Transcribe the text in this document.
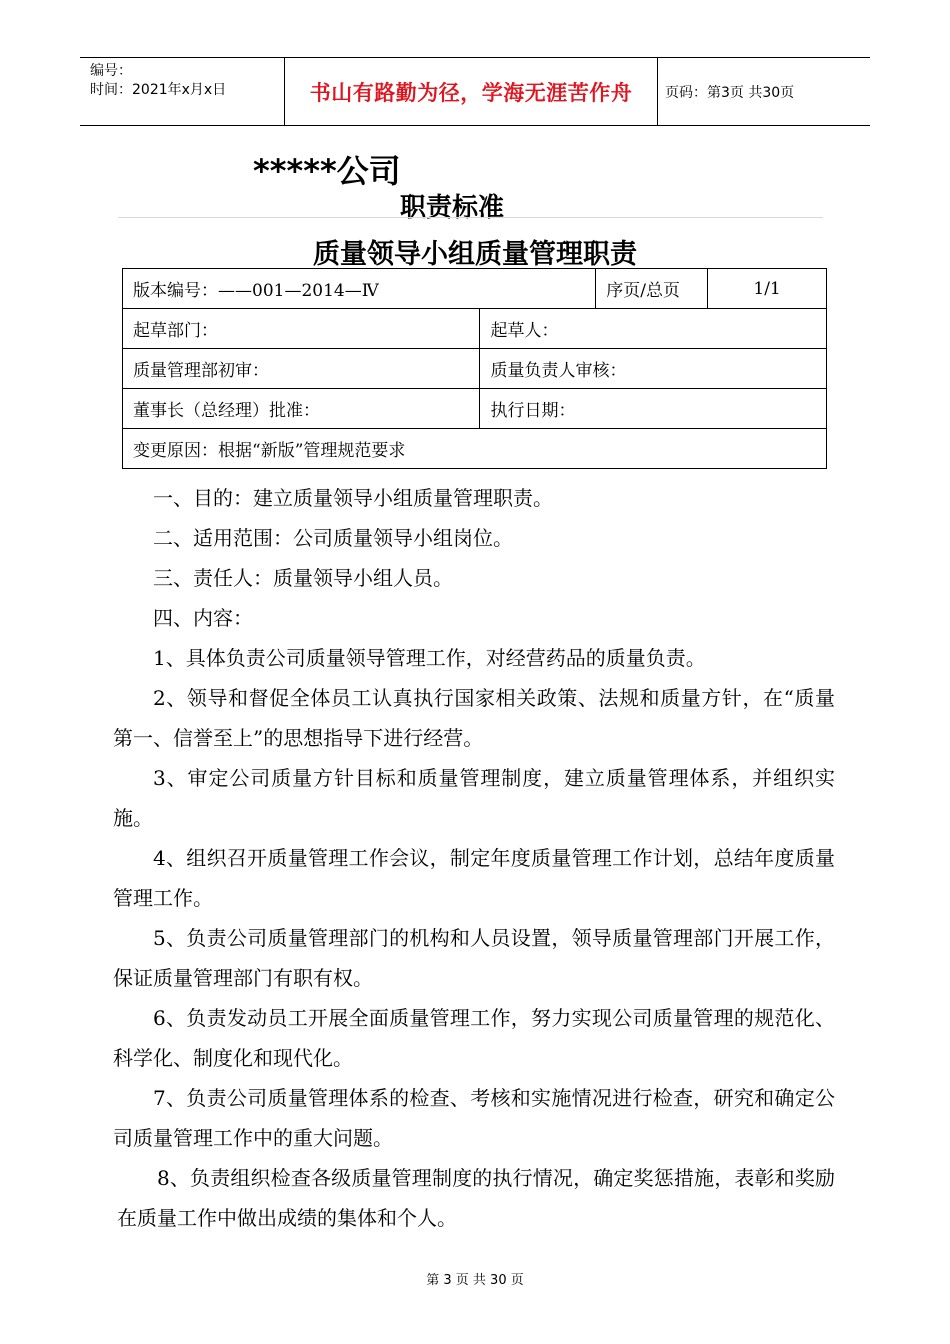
编号：
时间：2021年x月x日	书山有路勤为径，学海无涯苦作舟	页码：第3页 共30页
*****公司
职责标准
质量领导小组质量管理职责
版本编号：——001—2014—Ⅳ		序页/总页	1/1
起草部门：	起草人：		
质量管理部初审：	质量负责人审核：		
董事长（总经理）批准：	执行日期：		
变更原因：根据“新版”管理规范要求			

一、目的：建立质量领导小组质量管理职责。

二、适用范围：公司质量领导小组岗位。

三、责任人：质量领导小组人员。

四、内容：

1、具体负责公司质量领导管理工作，对经营药品的质量负责。

2、领导和督促全体员工认真执行国家相关政策、法规和质量方针，在“质量第一、信誉至上”的思想指导下进行经营。

3、审定公司质量方针目标和质量管理制度，建立质量管理体系，并组织实施。

4、组织召开质量管理工作会议，制定年度质量管理工作计划，总结年度质量管理工作。

5、负责公司质量管理部门的机构和人员设置，领导质量管理部门开展工作，保证质量管理部门有职有权。

6、负责发动员工开展全面质量管理工作，努力实现公司质量管理的规范化、科学化、制度化和现代化。

7、负责公司质量管理体系的检查、考核和实施情况进行检查，研究和确定公司质量管理工作中的重大问题。

8、负责组织检查各级质量管理制度的执行情况，确定奖惩措施，表彰和奖励在质量工作中做出成绩的集体和个人。

第 3 页 共 30 页
